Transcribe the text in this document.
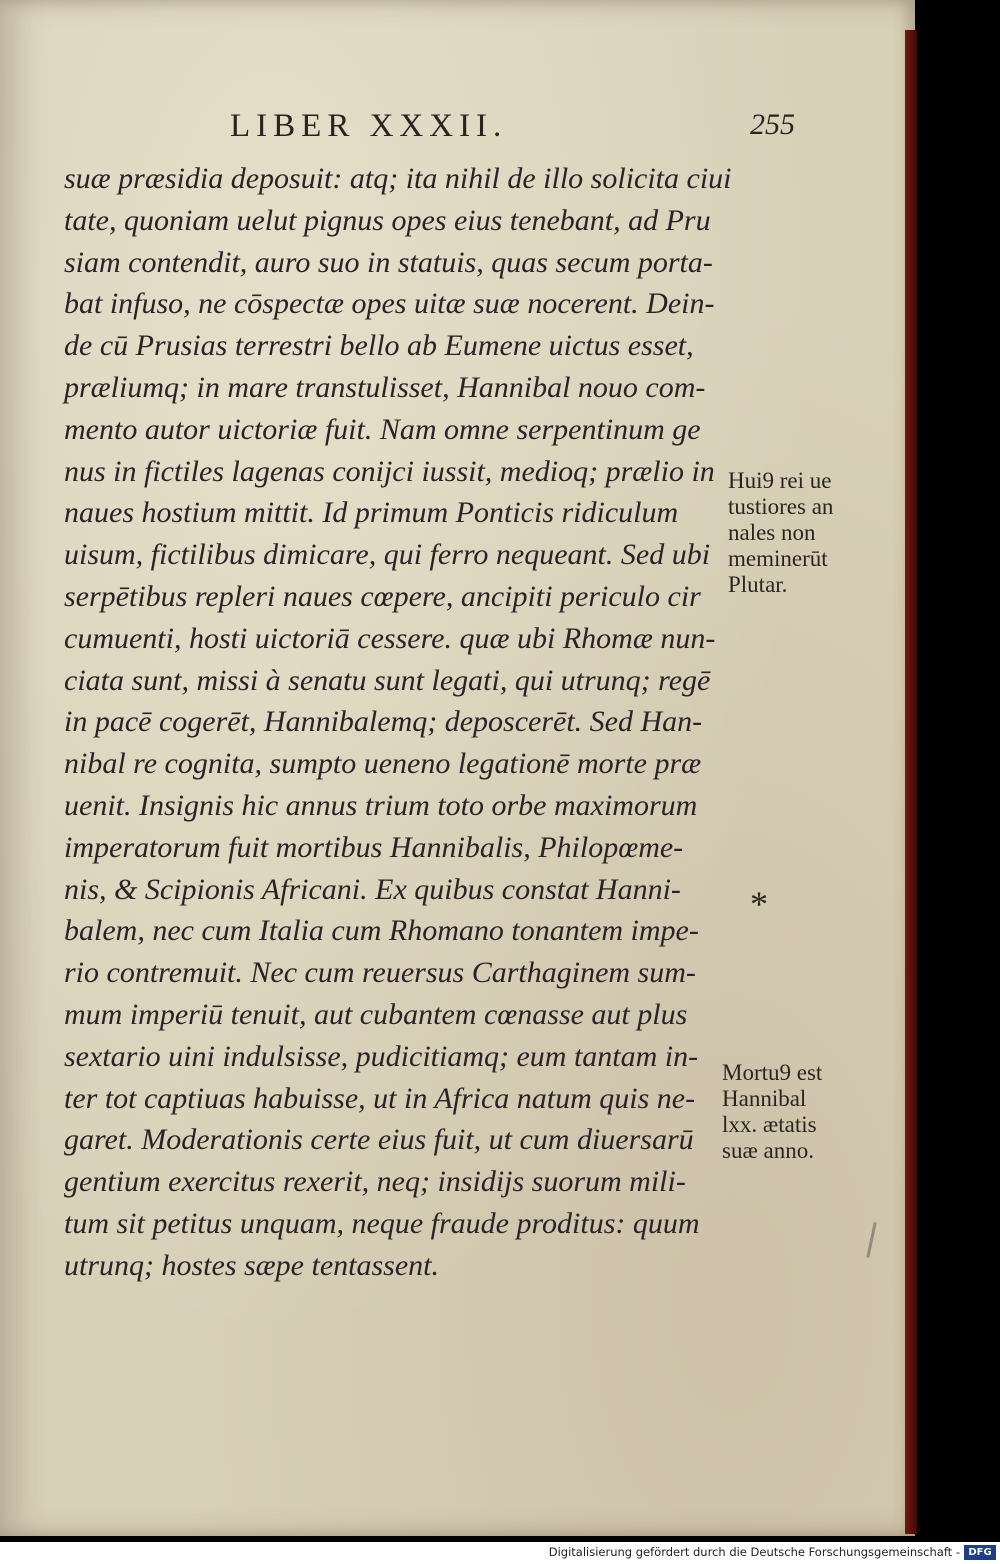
LIBER XXXII.	255
suæ præsidia deposuit: atq; ita nihil de illo solicita ciui
tate, quoniam uelut pignus opes eius tenebant, ad Pru
siam contendit, auro suo in statuis, quas secum porta-
bat infuso, ne cōspectæ opes uitæ suæ nocerent. Dein-
de cū Prusias terrestri bello ab Eumene uictus esset,
præliumq; in mare transtulisset, Hannibal nouo com-
mento autor uictoriæ fuit. Nam omne serpentinum ge
nus in fictiles lagenas conijci iussit, medioq; prælio in
naues hostium mittit. Id primum Ponticis ridiculum
uisum, fictilibus dimicare, qui ferro nequeant. Sed ubi
serpētibus repleri naues cœpere, ancipiti periculo cir
cumuenti, hosti uictoriā cessere. quæ ubi Rhomæ nun-
ciata sunt, missi à senatu sunt legati, qui utrunq; regē
in pacē cogerēt, Hannibalemq; deposcerēt. Sed Han-
nibal re cognita, sumpto ueneno legationē morte præ
uenit. Insignis hic annus trium toto orbe maximorum
imperatorum fuit mortibus Hannibalis, Philopœme-
nis, & Scipionis Africani. Ex quibus constat Hanni-
balem, nec cum Italia cum Rhomano tonantem impe-
rio contremuit. Nec cum reuersus Carthaginem sum-
mum imperiū tenuit, aut cubantem cœnasse aut plus
sextario uini indulsisse, pudicitiamq; eum tantam in-
ter tot captiuas habuisse, ut in Africa natum quis ne-
garet. Moderationis certe eius fuit, ut cum diuersarū
gentium exercitus rexerit, neq; insidijs suorum mili-
tum sit petitus unquam, neque fraude proditus: quum
utrunq; hostes sæpe tentassent.
Hui9 rei ue
tustiores an
nales non
meminerūt
Plutar.
*
Mortu9 est
Hannibal
lxx. ætatis
suæ anno.
Digitalisierung gefördert durch die Deutsche Forschungsgemeinschaft - DFG
